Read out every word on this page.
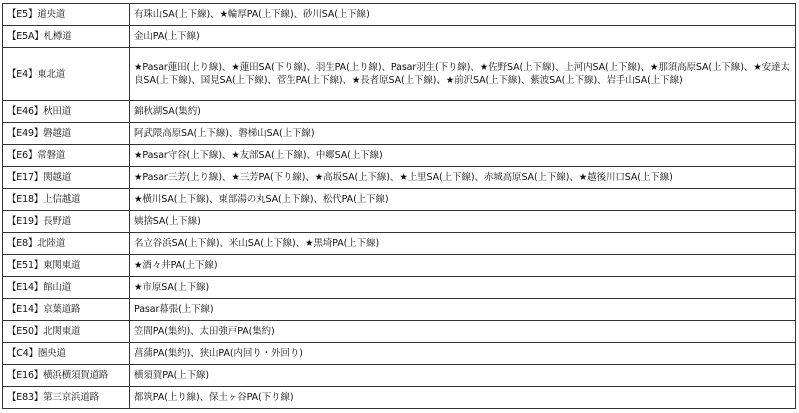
【E5】道央道	有珠山SA(上下線)、★輪厚PA(上下線)、砂川SA(上下線)
【E5A】札樽道	金山PA(上下線)
【E4】東北道	★Pasar蓮田(上り線)、★蓮田SA(下り線)、羽生PA(上り線)、Pasar羽生(下り線)、★佐野SA(上下線)、上河内SA(上下線)、★那須高原SA(上下線)、★安達太良SA(上下線)、国見SA(上下線)、菅生PA(上下線)、★長者原SA(上下線)、★前沢SA(上下線)、紫波SA(上下線)、岩手山SA(上下線)
【E46】秋田道	錦秋湖SA(集約)
【E49】磐越道	阿武隈高原SA(上下線)、磐梯山SA(上下線)
【E6】常磐道	★Pasar守谷(上下線)、★友部SA(上下線)、中郷SA(上下線)
【E17】関越道	★Pasar三芳(上り線)、★三芳PA(下り線)、★高坂SA(上下線)、★上里SA(上下線)、赤城高原SA(上下線)、★越後川口SA(上下線)
【E18】上信越道	★横川SA(上下線)、東部湯の丸SA(上下線)、松代PA(上下線)
【E19】長野道	姨捨SA(上下線)
【E8】北陸道	名立谷浜SA(上下線)、米山SA(上下線)、★黒埼PA(上下線)
【E51】東関東道	★酒々井PA(上下線)
【E14】館山道	★市原SA(上下線)
【E14】京葉道路	Pasar幕張(上下線)
【E50】北関東道	笠間PA(集約)、太田強戸PA(集約)
【C4】圏央道	菖蒲PA(集約)、狭山PA(内回り・外回り)
【E16】横浜横須賀道路	横須賀PA(上下線)
【E83】第三京浜道路	都筑PA(上り線)、保土ヶ谷PA(下り線)
